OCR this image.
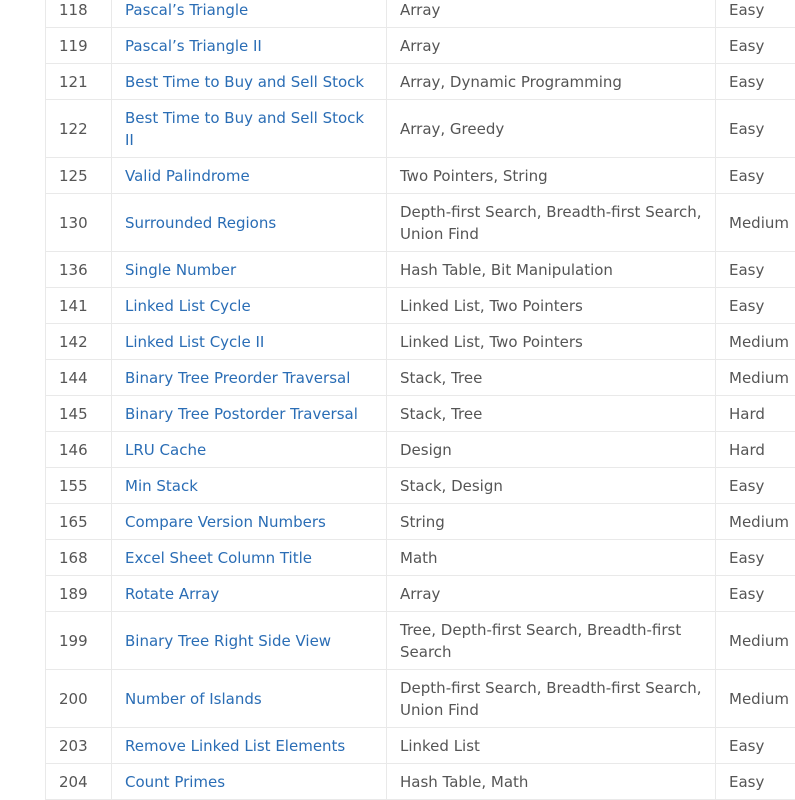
118	Pascal’s Triangle	Array	Easy
119	Pascal’s Triangle II	Array	Easy
121	Best Time to Buy and Sell Stock	Array, Dynamic Programming	Easy
122	Best Time to Buy and Sell Stock II	Array, Greedy	Easy
125	Valid Palindrome	Two Pointers, String	Easy
130	Surrounded Regions	Depth-first Search, Breadth-first Search, Union Find	Medium
136	Single Number	Hash Table, Bit Manipulation	Easy
141	Linked List Cycle	Linked List, Two Pointers	Easy
142	Linked List Cycle II	Linked List, Two Pointers	Medium
144	Binary Tree Preorder Traversal	Stack, Tree	Medium
145	Binary Tree Postorder Traversal	Stack, Tree	Hard
146	LRU Cache	Design	Hard
155	Min Stack	Stack, Design	Easy
165	Compare Version Numbers	String	Medium
168	Excel Sheet Column Title	Math	Easy
189	Rotate Array	Array	Easy
199	Binary Tree Right Side View	Tree, Depth-first Search, Breadth-first Search	Medium
200	Number of Islands	Depth-first Search, Breadth-first Search, Union Find	Medium
203	Remove Linked List Elements	Linked List	Easy
204	Count Primes	Hash Table, Math	Easy
